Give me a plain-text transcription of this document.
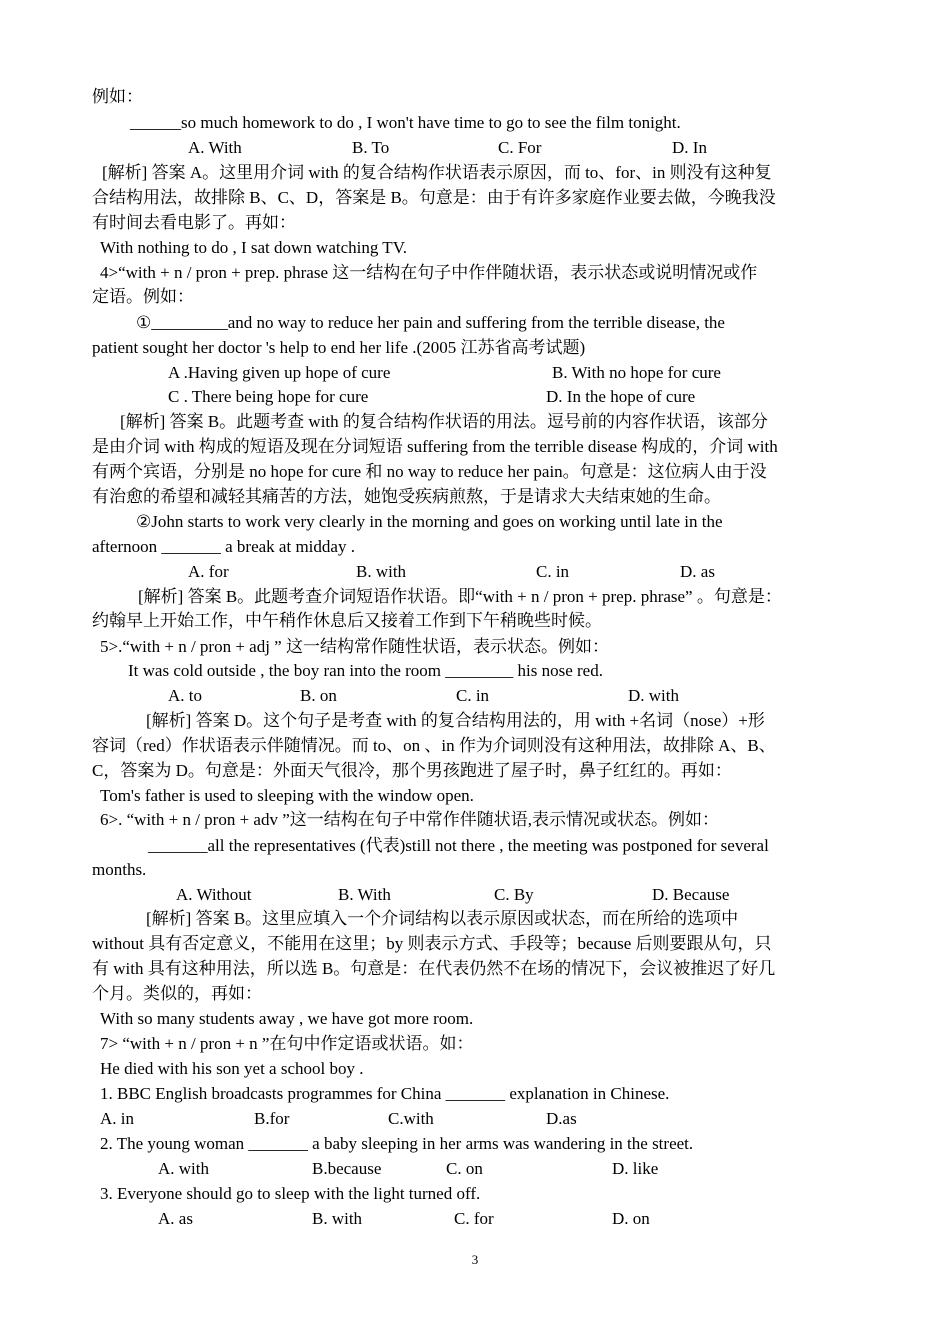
例如：
______so much homework to do , I won't have time to go to see the film tonight.
[解析] 答案 A。这里用介词 with 的复合结构作状语表示原因，而 to、for、in 则没有这种复
合结构用法，故排除 B、C、D，答案是 B。句意是：由于有许多家庭作业要去做，今晚我没
有时间去看电影了。再如：
With nothing to do , I sat down watching TV.
4>“with + n / pron + prep. phrase 这一结构在句子中作伴随状语，表示状态或说明情况或作
定语。例如：
①_________and no way to reduce her pain and suffering from the terrible disease, the
patient sought her doctor 's help to end her life .(2005 江苏省高考试题)
[解析] 答案 B。此题考查 with 的复合结构作状语的用法。逗号前的内容作状语，该部分
是由介词 with 构成的短语及现在分词短语 suffering from the terrible disease 构成的，介词 with
有两个宾语，分别是 no hope for cure 和 no way to reduce her pain。句意是：这位病人由于没
有治愈的希望和减轻其痛苦的方法，她饱受疾病煎熬，于是请求大夫结束她的生命。
②John starts to work very clearly in the morning and goes on working until late in the
afternoon _______ a break at midday .
[解析] 答案 B。此题考查介词短语作状语。即“with + n / pron + prep. phrase” 。句意是：
约翰早上开始工作，中午稍作休息后又接着工作到下午稍晚些时候。
5>.“with + n / pron + adj ” 这一结构常作随性状语，表示状态。例如：
It was cold outside , the boy ran into the room ________ his nose red.
[解析] 答案 D。这个句子是考查 with 的复合结构用法的，用 with +名词（nose）+形
容词（red）作状语表示伴随情况。而 to、on 、in 作为介词则没有这种用法，故排除 A、B、
C，答案为 D。句意是：外面天气很冷，那个男孩跑进了屋子时，鼻子红红的。再如：
Tom's father is used to sleeping with the window open.
6>. “with + n / pron + adv ”这一结构在句子中常作伴随状语,表示情况或状态。例如：
_______all the representatives (代表)still not there , the meeting was postponed for several
months.
[解析] 答案 B。这里应填入一个介词结构以表示原因或状态，而在所给的选项中
without 具有否定意义，不能用在这里；by 则表示方式、手段等；because 后则要跟从句，只
有 with 具有这种用法，所以选 B。句意是：在代表仍然不在场的情况下，会议被推迟了好几
个月。类似的，再如：
With so many students away , we have got more room.
7> “with + n / pron + n ”在句中作定语或状语。如：
He died with his son yet a school boy .
1. BBC English broadcasts programmes for China _______ explanation in Chinese.
2. The young woman _______ a baby sleeping in her arms was wandering in the street.
3. Everyone should go to sleep with the light turned off.
A. With	B. To	C. For	D. In
A .Having given up hope of cure	B. With no hope for cure
C . There being hope for cure	D. In the hope of cure
A. for	B. with	C. in	D. as
A. to	B. on	C. in	D. with
A. Without	B. With	C. By	D. Because
A. in	B.for	C.with	D.as
A. with	B.because	C. on	D. like
A. as	B. with	C. for	D. on
3
